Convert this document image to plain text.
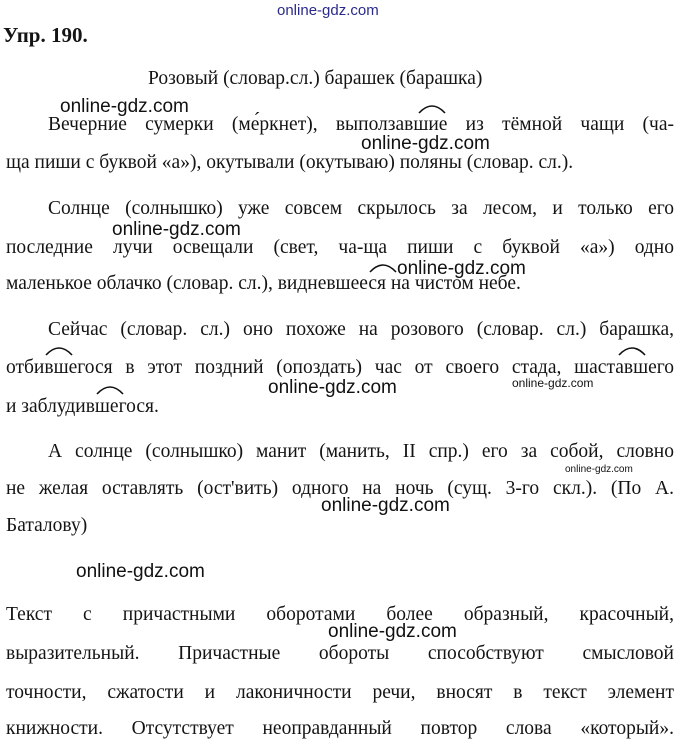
online-gdz.com
Упр. 190.
Розовый (словар.сл.) барашек (барашка)
Вечерние сумерки (ме́ркнет), выползавшие из тёмной чащи (ча-
ща пиши с буквой «а»), окутывали (окутываю) поляны (словар. сл.).
Солнце (солнышко) уже совсем скрылось за лесом, и только его
последние лучи освещали (свет, ча-ща пиши с буквой «а») одно
маленькое облачко (словар. сл.), видневшееся на чистом небе.
Сейчас (словар. сл.) оно похоже на розового (словар. сл.) барашка,
отбившегося в этот поздний (опоздать) час от своего стада, шаставшего
и заблудившегося.
А солнце (солнышко) манит (манить, II спр.) его за собой, словно
не желая оставлять (ост'вить) одного на ночь (сущ. 3-го скл.). (По А.
Баталову)
Текст с причастными оборотами более образный, красочный,
выразительный. Причастные обороты способствуют смысловой
точности, сжатости и лаконичности речи, вносят в текст элемент
книжности. Отсутствует неоправданный повтор слова «который».
online-gdz.com
online-gdz.com
online-gdz.com
online-gdz.com
online-gdz.com	online-gdz.com
online-gdz.com
online-gdz.com
online-gdz.com
online-gdz.com
